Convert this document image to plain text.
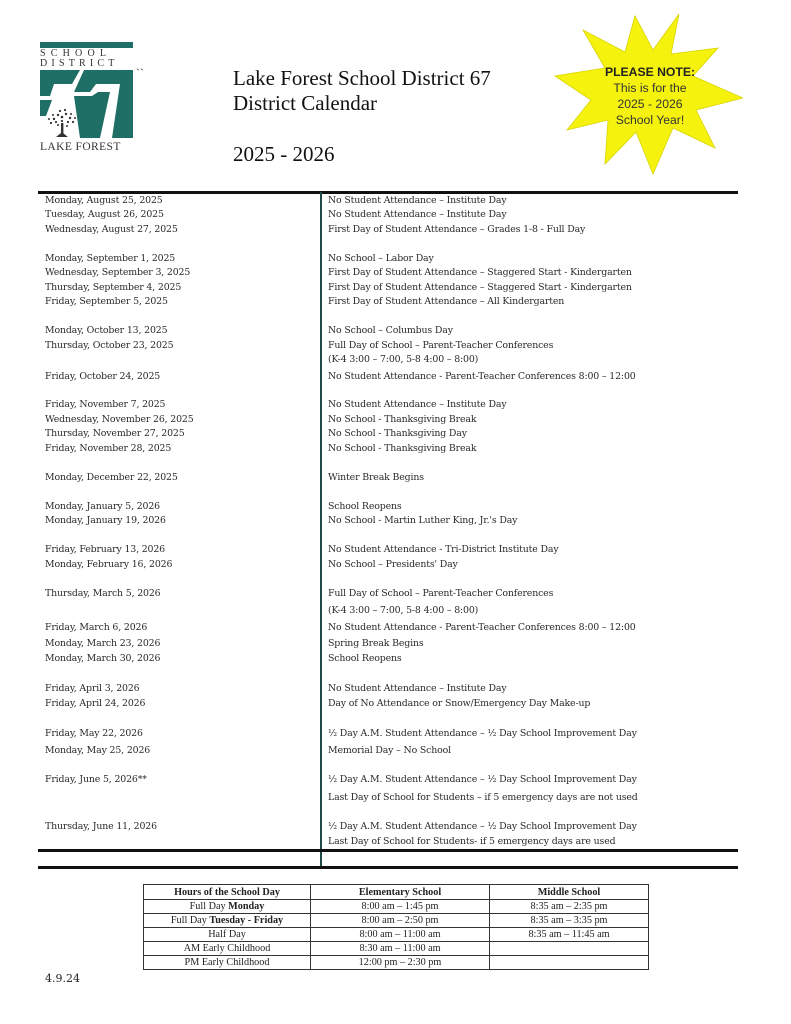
SCHOOL
DISTRICT
``
LAKE FOREST
Lake Forest School District 67
District Calendar
2025 - 2026
PLEASE NOTE:
This is for the
2025 - 2026
School Year!
Monday, August 25, 2025	No Student Attendance – Institute Day
Tuesday, August 26, 2025	No Student Attendance – Institute Day
Wednesday, August 27, 2025	First Day of Student Attendance – Grades 1-8 - Full Day
Monday, September 1, 2025	No School – Labor Day
Wednesday, September 3, 2025	First Day of Student Attendance – Staggered Start - Kindergarten
Thursday, September 4, 2025	First Day of Student Attendance – Staggered Start - Kindergarten
Friday, September 5, 2025	First Day of Student Attendance – All Kindergarten
Monday, October 13, 2025	No School – Columbus Day
Thursday, October 23, 2025	Full Day of School – Parent-Teacher Conferences
(K-4 3:00 – 7:00, 5-8 4:00 – 8:00)
Friday, October 24, 2025	No Student Attendance - Parent-Teacher Conferences 8:00 – 12:00
Friday, November 7, 2025	No Student Attendance – Institute Day
Wednesday, November 26, 2025	No School - Thanksgiving Break
Thursday, November 27, 2025	No School - Thanksgiving Day
Friday, November 28, 2025	No School - Thanksgiving Break
Monday, December 22, 2025	Winter Break Begins
Monday, January 5, 2026	School Reopens
Monday, January 19, 2026	No School - Martin Luther King, Jr.'s Day
Friday, February 13, 2026	No Student Attendance - Tri-District Institute Day
Monday, February 16, 2026	No School – Presidents' Day
Thursday, March 5, 2026	Full Day of School – Parent-Teacher Conferences
(K-4 3:00 – 7:00, 5-8 4:00 – 8:00)
Friday, March 6, 2026	No Student Attendance - Parent-Teacher Conferences 8:00 – 12:00
Monday, March 23, 2026	Spring Break Begins
Monday, March 30, 2026	School Reopens
Friday, April 3, 2026	No Student Attendance – Institute Day
Friday, April 24, 2026	Day of No Attendance or Snow/Emergency Day Make-up
Friday, May 22, 2026	½ Day A.M. Student Attendance – ½ Day School Improvement Day
Monday, May 25, 2026	Memorial Day – No School
Friday, June 5, 2026**	½ Day A.M. Student Attendance – ½ Day School Improvement Day
Last Day of School for Students – if 5 emergency days are not used
Thursday, June 11, 2026	½ Day A.M. Student Attendance – ½ Day School Improvement Day
Last Day of School for Students- if 5 emergency days are used
Hours of the School Day	Elementary School	Middle School
Full Day Monday	8:00 am – 1:45 pm	8:35 am – 2:35 pm
Full Day Tuesday - Friday	8:00 am – 2:50 pm	8:35 am – 3:35 pm
Half Day	8:00 am – 11:00 am	8:35 am – 11:45 am
AM Early Childhood	8:30 am – 11:00 am	
PM Early Childhood	12:00 pm – 2:30 pm	
4.9.24
